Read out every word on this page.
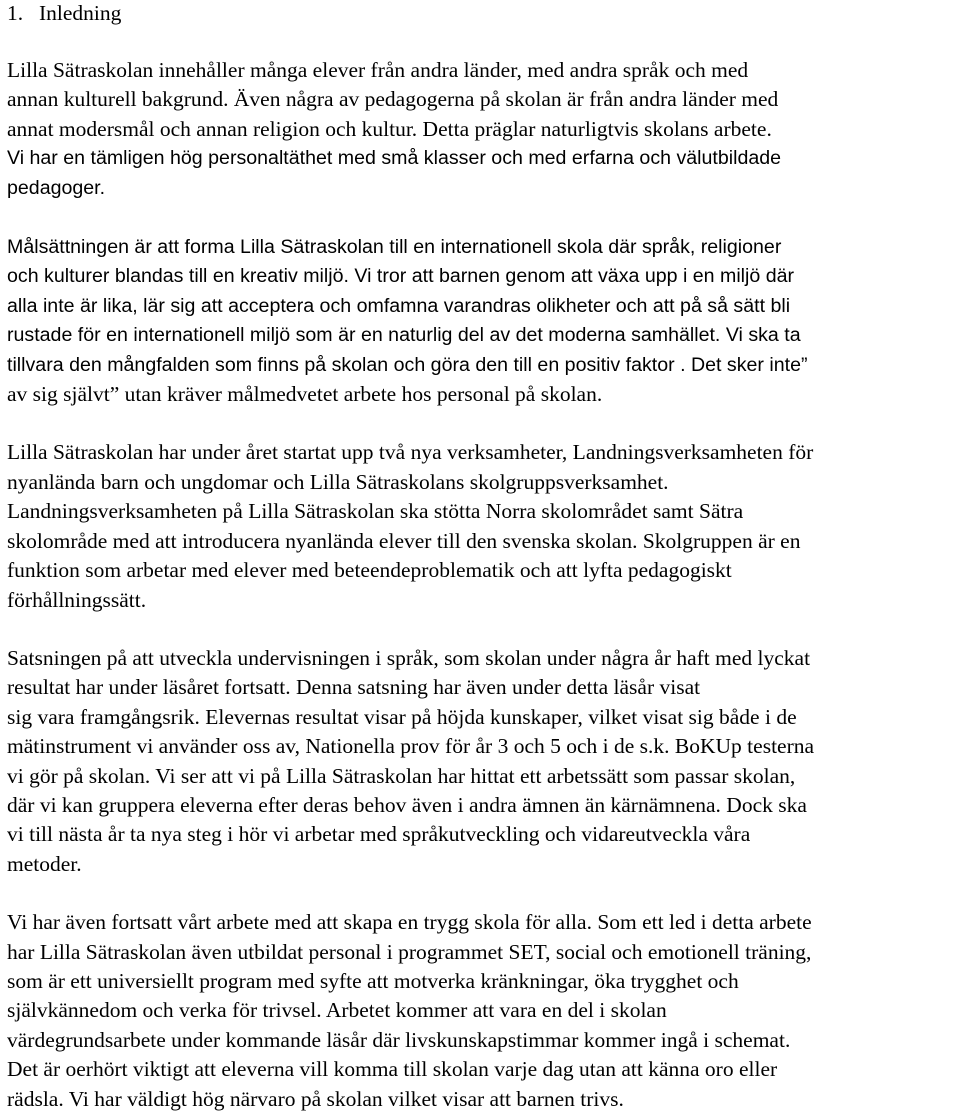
1. Inledning

Lilla Sätraskolan innehåller många elever från andra länder, med andra språk och med
annan kulturell bakgrund. Även några av pedagogerna på skolan är från andra länder med
annat modersmål och annan religion och kultur. Detta präglar naturligtvis skolans arbete.
Vi har en tämligen hög personaltäthet med små klasser och med erfarna och välutbildade
pedagoger.

Målsättningen är att forma Lilla Sätraskolan till en internationell skola där språk, religioner
och kulturer blandas till en kreativ miljö. Vi tror att barnen genom att växa upp i en miljö där
alla inte är lika, lär sig att acceptera och omfamna varandras olikheter och att på så sätt bli
rustade för en internationell miljö som är en naturlig del av det moderna samhället. Vi ska ta
tillvara den mångfalden som finns på skolan och göra den till en positiv faktor . Det sker inte”
av sig självt” utan kräver målmedvetet arbete hos personal på skolan.

Lilla Sätraskolan har under året startat upp två nya verksamheter, Landningsverksamheten för
nyanlända barn och ungdomar och Lilla Sätraskolans skolgruppsverksamhet.
Landningsverksamheten på Lilla Sätraskolan ska stötta Norra skolområdet samt Sätra
skolområde med att introducera nyanlända elever till den svenska skolan. Skolgruppen är en
funktion som arbetar med elever med beteendeproblematik och att lyfta pedagogiskt
förhållningssätt.

Satsningen på att utveckla undervisningen i språk, som skolan under några år haft med lyckat
resultat har under läsåret fortsatt. Denna satsning har även under detta läsår visat
sig vara framgångsrik. Elevernas resultat visar på höjda kunskaper, vilket visat sig både i de
mätinstrument vi använder oss av, Nationella prov för år 3 och 5 och i de s.k. BoKUp testerna
vi gör på skolan. Vi ser att vi på Lilla Sätraskolan har hittat ett arbetssätt som passar skolan,
där vi kan gruppera eleverna efter deras behov även i andra ämnen än kärnämnena. Dock ska
vi till nästa år ta nya steg i hör vi arbetar med språkutveckling och vidareutveckla våra
metoder.

Vi har även fortsatt vårt arbete med att skapa en trygg skola för alla. Som ett led i detta arbete
har Lilla Sätraskolan även utbildat personal i programmet SET, social och emotionell träning,
som är ett universiellt program med syfte att motverka kränkningar, öka trygghet och
självkännedom och verka för trivsel. Arbetet kommer att vara en del i skolan
värdegrundsarbete under kommande läsår där livskunskapstimmar kommer ingå i schemat.
Det är oerhört viktigt att eleverna vill komma till skolan varje dag utan att känna oro eller
rädsla. Vi har väldigt hög närvaro på skolan vilket visar att barnen trivs.
